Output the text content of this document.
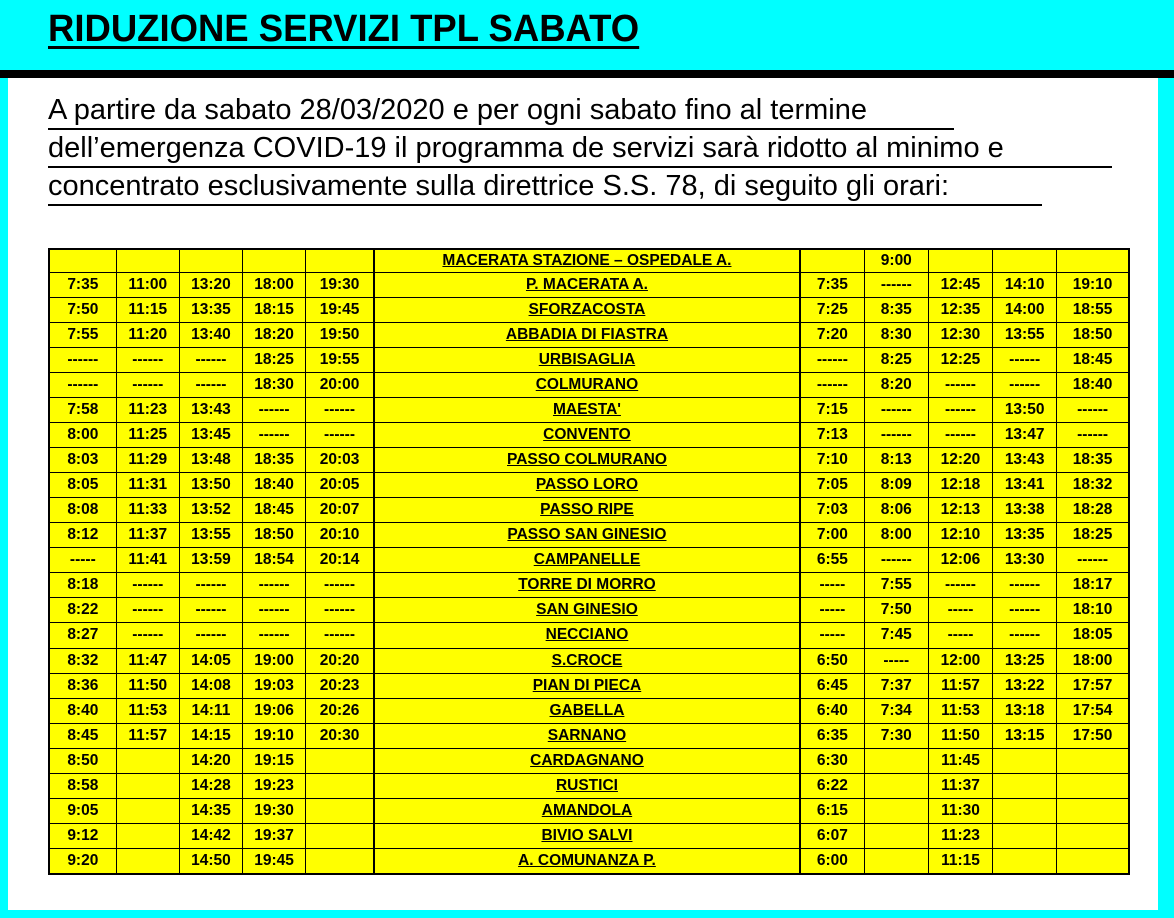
RIDUZIONE SERVIZI TPL SABATO
A partire da sabato 28/03/2020 e per ogni sabato fino al termine
dell’emergenza COVID-19 il programma de servizi sarà ridotto al minimo e
concentrato esclusivamente sulla direttrice S.S. 78, di seguito gli orari:
					MACERATA STAZIONE – OSPEDALE A.		9:00			
7:35	11:00	13:20	18:00	19:30	P. MACERATA A.	7:35	------	12:45	14:10	19:10
7:50	11:15	13:35	18:15	19:45	SFORZACOSTA	7:25	8:35	12:35	14:00	18:55
7:55	11:20	13:40	18:20	19:50	ABBADIA DI FIASTRA	7:20	8:30	12:30	13:55	18:50
------	------	------	18:25	19:55	URBISAGLIA	------	8:25	12:25	------	18:45
------	------	------	18:30	20:00	COLMURANO	------	8:20	------	------	18:40
7:58	11:23	13:43	------	------	MAESTA'	7:15	------	------	13:50	------
8:00	11:25	13:45	------	------	CONVENTO	7:13	------	------	13:47	------
8:03	11:29	13:48	18:35	20:03	PASSO COLMURANO	7:10	8:13	12:20	13:43	18:35
8:05	11:31	13:50	18:40	20:05	PASSO LORO	7:05	8:09	12:18	13:41	18:32
8:08	11:33	13:52	18:45	20:07	PASSO RIPE	7:03	8:06	12:13	13:38	18:28
8:12	11:37	13:55	18:50	20:10	PASSO SAN GINESIO	7:00	8:00	12:10	13:35	18:25
-----	11:41	13:59	18:54	20:14	CAMPANELLE	6:55	------	12:06	13:30	------
8:18	------	------	------	------	TORRE DI MORRO	-----	7:55	------	------	18:17
8:22	------	------	------	------	SAN GINESIO	-----	7:50	-----	------	18:10
8:27	------	------	------	------	NECCIANO	-----	7:45	-----	------	18:05
8:32	11:47	14:05	19:00	20:20	S.CROCE	6:50	-----	12:00	13:25	18:00
8:36	11:50	14:08	19:03	20:23	PIAN DI PIECA	6:45	7:37	11:57	13:22	17:57
8:40	11:53	14:11	19:06	20:26	GABELLA	6:40	7:34	11:53	13:18	17:54
8:45	11:57	14:15	19:10	20:30	SARNANO	6:35	7:30	11:50	13:15	17:50
8:50		14:20	19:15		CARDAGNANO	6:30		11:45		
8:58		14:28	19:23		RUSTICI	6:22		11:37		
9:05		14:35	19:30		AMANDOLA	6:15		11:30		
9:12		14:42	19:37		BIVIO SALVI	6:07		11:23		
9:20		14:50	19:45		A. COMUNANZA P.	6:00		11:15		
